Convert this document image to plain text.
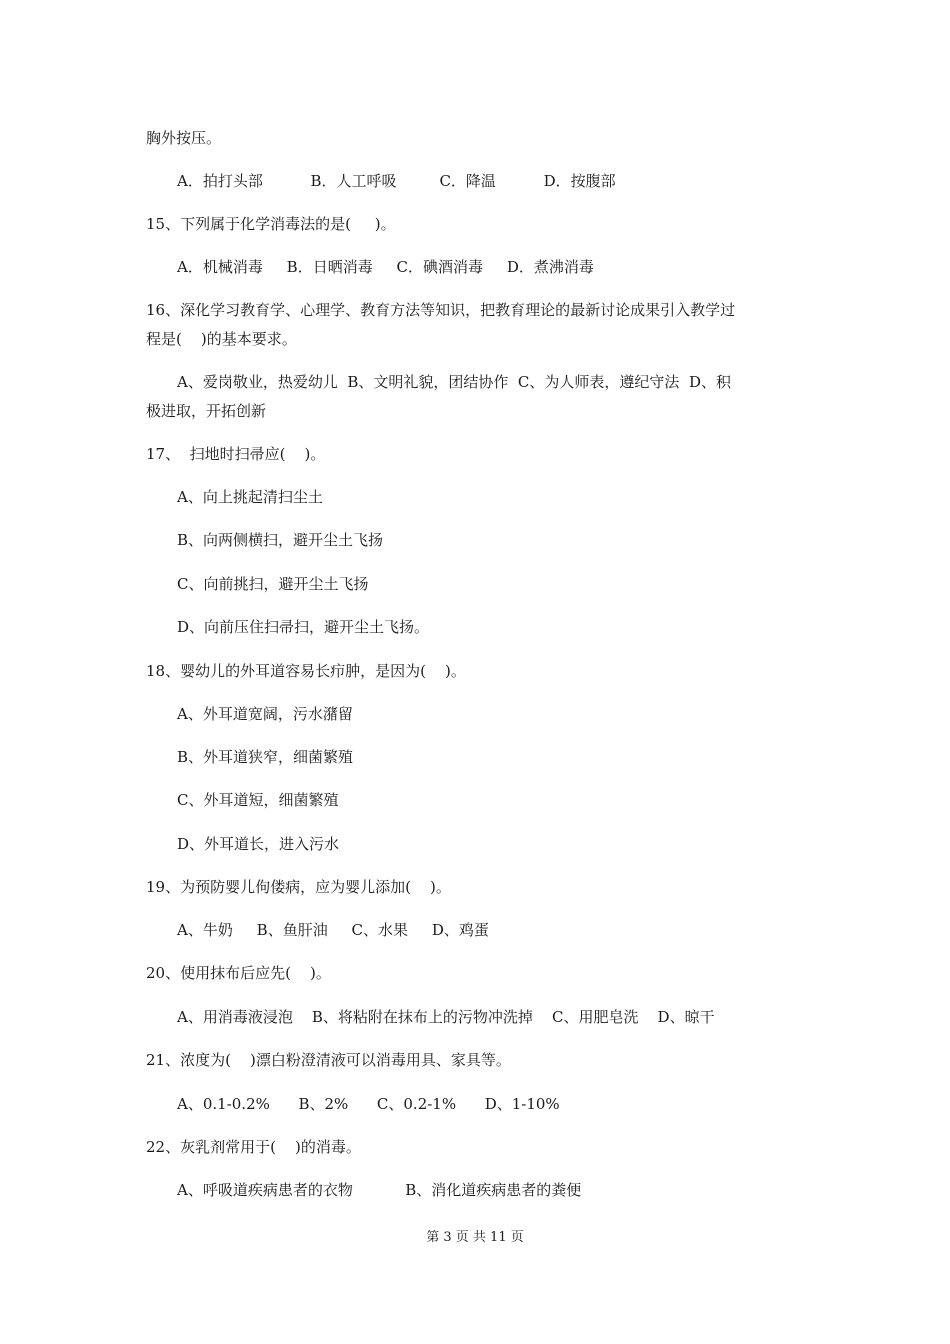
胸外按压。
A．拍打头部          B．人工呼吸         C．降温          D．按腹部
15、下列属于化学消毒法的是(     )。
A．机械消毒     B．日晒消毒     C．碘酒消毒     D．煮沸消毒
16、深化学习教育学、心理学、教育方法等知识，把教育理论的最新讨论成果引入教学过
程是(    )的基本要求。
A、爱岗敬业，热爱幼儿  B、文明礼貌，团结协作  C、为人师表，遵纪守法  D、积
极进取，开拓创新
17、  扫地时扫帚应(    )。
A、向上挑起清扫尘土
B、向两侧横扫，避开尘土飞扬
C、向前挑扫，避开尘土飞扬
D、向前压住扫帚扫，避开尘土飞扬。
18、婴幼儿的外耳道容易长疖肿，是因为(    )。
A、外耳道宽阔，污水潴留
B、外耳道狭窄，细菌繁殖
C、外耳道短，细菌繁殖
D、外耳道长，进入污水
19、为预防婴儿佝偻病，应为婴儿添加(    )。
A、牛奶     B、鱼肝油     C、水果     D、鸡蛋
20、使用抹布后应先(    )。
A、用消毒液浸泡    B、将粘附在抹布上的污物冲洗掉    C、用肥皂洗    D、晾干
21、浓度为(    )漂白粉澄清液可以消毒用具、家具等。
A、0.1-0.2%      B、2%      C、0.2-1%      D、1-10%
22、灰乳剂常用于(    )的消毒。
A、呼吸道疾病患者的衣物           B、消化道疾病患者的粪便
第 3 页 共 11 页
